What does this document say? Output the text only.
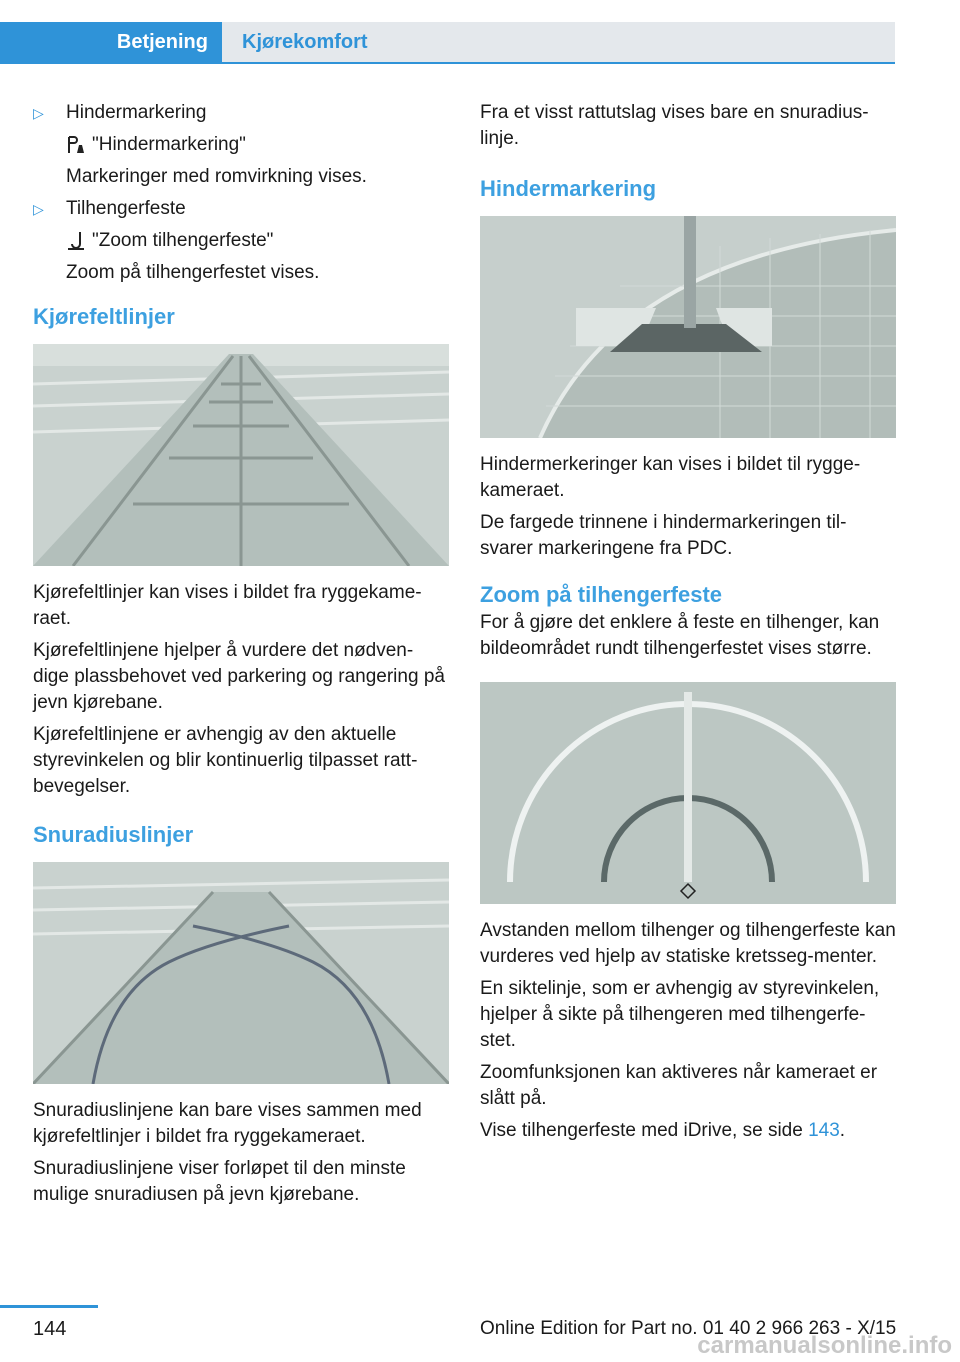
Betjening	Kjørekomfort
▷ Hindermarkering
"Hindermarkering"
Markeringer med romvirkning vises.
▷ Tilhengerfeste
"Zoom tilhengerfeste"
Zoom på tilhengerfestet vises.
Kjørefeltlinjer

Kjørefeltlinjer kan vises i bildet fra ryggekame-raet.

Kjørefeltlinjene hjelper å vurdere det nødven-dige plassbehovet ved parkering og rangering på jevn kjørebane.

Kjørefeltlinjene er avhengig av den aktuelle styrevinkelen og blir kontinuerlig tilpasset ratt-bevegelser.

Snuradiuslinjer

Snuradiuslinjene kan bare vises sammen med kjørefeltlinjer i bildet fra ryggekameraet.

Snuradiuslinjene viser forløpet til den minste mulige snuradiusen på jevn kjørebane.

Fra et visst rattutslag vises bare en snuradius-linje.

Hindermarkering

Hindermerkeringer kan vises i bildet til rygge-kameraet.

De fargede trinnene i hindermarkeringen til-svarer markeringene fra PDC.

Zoom på tilhengerfeste

For å gjøre det enklere å feste en tilhenger, kan bildeområdet rundt tilhengerfestet vises større.

Avstanden mellom tilhenger og tilhengerfeste kan vurderes ved hjelp av statiske kretsseg-menter.

En siktelinje, som er avhengig av styrevinkelen, hjelper å sikte på tilhengeren med tilhengerfe-stet.

Zoomfunksjonen kan aktiveres når kameraet er slått på.

Vise tilhengerfeste med iDrive, se side 143.

144	Online Edition for Part no. 01 40 2 966 263 - X/15
carmanualsonline.info
